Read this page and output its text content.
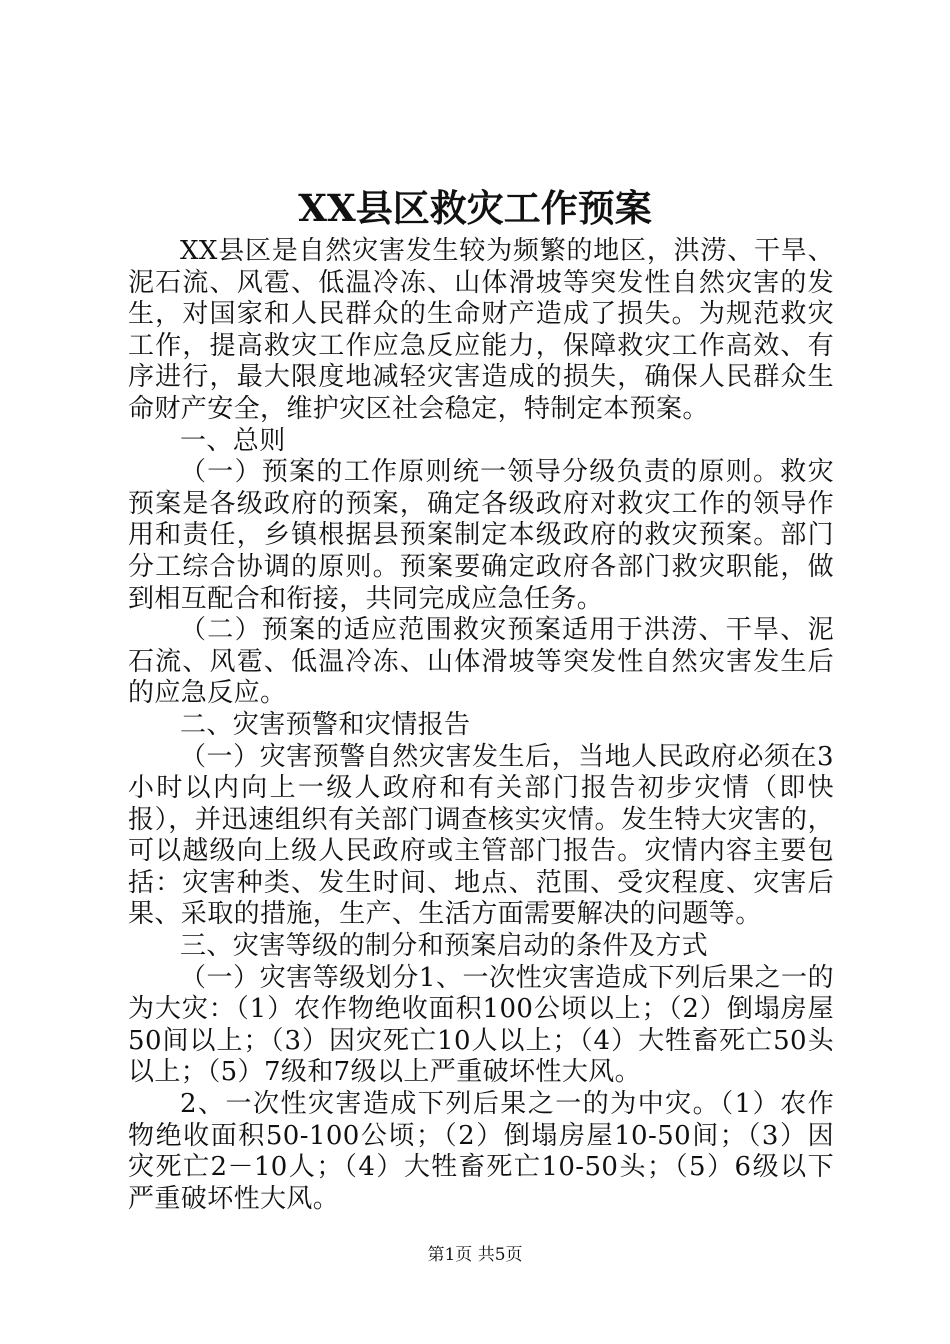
XX县区救灾工作预案

XX县区是自然灾害发生较为频繁的地区，洪涝、干旱、泥石流、风雹、低温冷冻、山体滑坡等突发性自然灾害的发生，对国家和人民群众的生命财产造成了损失。为规范救灾工作，提高救灾工作应急反应能力，保障救灾工作高效、有序进行，最大限度地减轻灾害造成的损失，确保人民群众生命财产安全，维护灾区社会稳定，特制定本预案。

一、总则

（一）预案的工作原则统一领导分级负责的原则。救灾预案是各级政府的预案，确定各级政府对救灾工作的领导作用和责任，乡镇根据县预案制定本级政府的救灾预案。部门分工综合协调的原则。预案要确定政府各部门救灾职能，做到相互配合和衔接，共同完成应急任务。

（二）预案的适应范围救灾预案适用于洪涝、干旱、泥石流、风雹、低温冷冻、山体滑坡等突发性自然灾害发生后的应急反应。

二、灾害预警和灾情报告

（一）灾害预警自然灾害发生后，当地人民政府必须在3小时以内向上一级人政府和有关部门报告初步灾情（即快报），并迅速组织有关部门调查核实灾情。发生特大灾害的，可以越级向上级人民政府或主管部门报告。灾情内容主要包括：灾害种类、发生时间、地点、范围、受灾程度、灾害后果、采取的措施，生产、生活方面需要解决的问题等。

三、灾害等级的制分和预案启动的条件及方式

（一）灾害等级划分1、一次性灾害造成下列后果之一的为大灾：（1）农作物绝收面积100公顷以上；（2）倒塌房屋50间以上；（3）因灾死亡10人以上；（4）大牲畜死亡50头以上；（5）7级和7级以上严重破坏性大风。

2、一次性灾害造成下列后果之一的为中灾。（1）农作物绝收面积50-100公顷；（2）倒塌房屋10-50间；（3）因灾死亡2－10人；（4）大牲畜死亡10-50头；（5）6级以下严重破坏性大风。

第1页 共5页
